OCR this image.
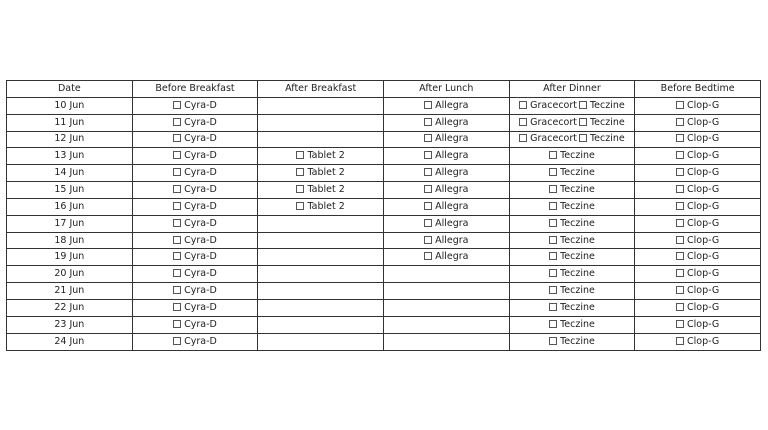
Date	Before Breakfast	After Breakfast	After Lunch	After Dinner	Before Bedtime
10 Jun	Cyra-D		Allegra	Gracecort Teczine	Clop-G
11 Jun	Cyra-D		Allegra	Gracecort Teczine	Clop-G
12 Jun	Cyra-D		Allegra	Gracecort Teczine	Clop-G
13 Jun	Cyra-D	Tablet 2	Allegra	Teczine	Clop-G
14 Jun	Cyra-D	Tablet 2	Allegra	Teczine	Clop-G
15 Jun	Cyra-D	Tablet 2	Allegra	Teczine	Clop-G
16 Jun	Cyra-D	Tablet 2	Allegra	Teczine	Clop-G
17 Jun	Cyra-D		Allegra	Teczine	Clop-G
18 Jun	Cyra-D		Allegra	Teczine	Clop-G
19 Jun	Cyra-D		Allegra	Teczine	Clop-G
20 Jun	Cyra-D			Teczine	Clop-G
21 Jun	Cyra-D			Teczine	Clop-G
22 Jun	Cyra-D			Teczine	Clop-G
23 Jun	Cyra-D			Teczine	Clop-G
24 Jun	Cyra-D			Teczine	Clop-G
